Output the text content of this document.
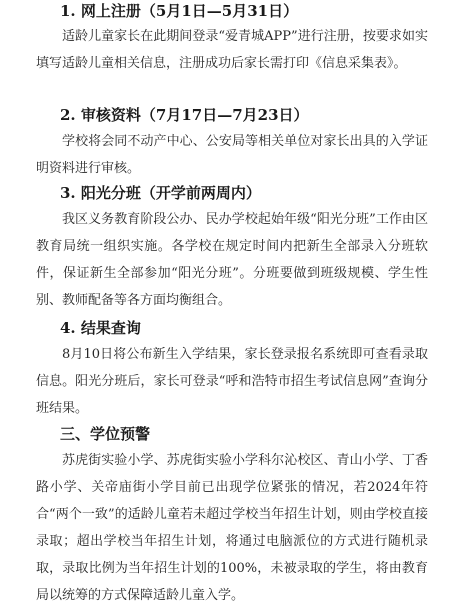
1. 网上注册（5月1日—5月31日）

适龄儿童家长在此期间登录“爱青城APP”进行注册，按要求如实填写适龄儿童相关信息，注册成功后家长需打印《信息采集表》。

2. 审核资料（7月17日—7月23日）

学校将会同不动产中心、公安局等相关单位对家长出具的入学证明资料进行审核。

3. 阳光分班（开学前两周内）

我区义务教育阶段公办、民办学校起始年级“阳光分班”工作由区教育局统一组织实施。各学校在规定时间内把新生全部录入分班软件，保证新生全部参加“阳光分班”。分班要做到班级规模、学生性别、教师配备等各方面均衡组合。

4. 结果查询

8月10日将公布新生入学结果，家长登录报名系统即可查看录取信息。阳光分班后，家长可登录“呼和浩特市招生考试信息网”查询分班结果。

三、学位预警

苏虎街实验小学、苏虎街实验小学科尔沁校区、青山小学、丁香路小学、关帝庙街小学目前已出现学位紧张的情况，若2024年符合“两个一致”的适龄儿童若未超过学校当年招生计划，则由学校直接录取；超出学校当年招生计划，将通过电脑派位的方式进行随机录取，录取比例为当年招生计划的100%，未被录取的学生，将由教育局以统筹的方式保障适龄儿童入学。
